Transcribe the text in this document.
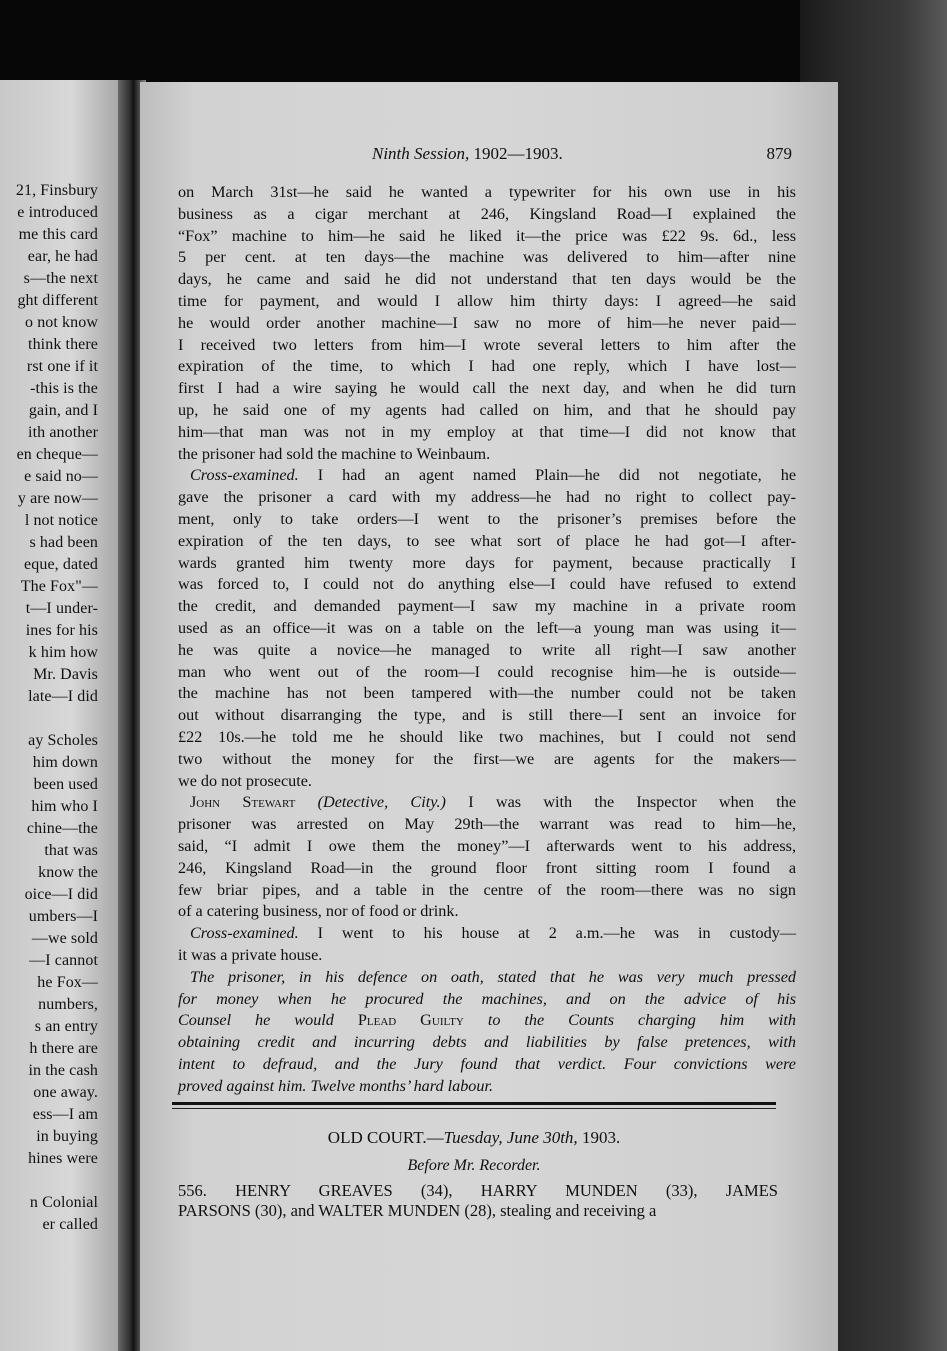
21, Finsbury
e introduced
me this card
ear, he had
s—the next
ght different
o not know
think there
rst one if it
-this is the
gain, and I
ith another
en cheque—
e said no—
y are now—
l not notice
s had been
eque, dated
The Fox"—
t—I under-
ines for his
k him how
Mr. Davis
late—I did
ay Scholes
him down
been used
him who I
chine—the
that was
know the
oice—I did
umbers—I
—we sold
—I cannot
he Fox—
numbers,
s an entry
h there are
in the cash
one away.
ess—I am
in buying
hines were
n Colonial
er called
Ninth Session, 1902—1903.	879
on March 31st—he said he wanted a typewriter for his own use in his
business as a cigar merchant at 246, Kingsland Road—I explained the
“Fox” machine to him—he said he liked it—the price was £22 9s. 6d., less
5 per cent. at ten days—the machine was delivered to him—after nine
days, he came and said he did not understand that ten days would be the
time for payment, and would I allow him thirty days: I agreed—he said
he would order another machine—I saw no more of him—he never paid—
I received two letters from him—I wrote several letters to him after the
expiration of the time, to which I had one reply, which I have lost—
first I had a wire saying he would call the next day, and when he did turn
up, he said one of my agents had called on him, and that he should pay
him—that man was not in my employ at that time—I did not know that
the prisoner had sold the machine to Weinbaum.
Cross-examined. I had an agent named Plain—he did not negotiate, he
gave the prisoner a card with my address—he had no right to collect pay-
ment, only to take orders—I went to the prisoner’s premises before the
expiration of the ten days, to see what sort of place he had got—I after-
wards granted him twenty more days for payment, because practically I
was forced to, I could not do anything else—I could have refused to extend
the credit, and demanded payment—I saw my machine in a private room
used as an office—it was on a table on the left—a young man was using it—
he was quite a novice—he managed to write all right—I saw another
man who went out of the room—I could recognise him—he is outside—
the machine has not been tampered with—the number could not be taken
out without disarranging the type, and is still there—I sent an invoice for
£22 10s.—he told me he should like two machines, but I could not send
two without the money for the first—we are agents for the makers—
we do not prosecute.
John Stewart (Detective, City.) I was with the Inspector when the
prisoner was arrested on May 29th—the warrant was read to him—he,
said, “I admit I owe them the money”—I afterwards went to his address,
246, Kingsland Road—in the ground floor front sitting room I found a
few briar pipes, and a table in the centre of the room—there was no sign
of a catering business, nor of food or drink.
Cross-examined. I went to his house at 2 a.m.—he was in custody—
it was a private house.
The prisoner, in his defence on oath, stated that he was very much pressed
for money when he procured the machines, and on the advice of his
Counsel he would Plead Guilty to the Counts charging him with
obtaining credit and incurring debts and liabilities by false pretences, with
intent to defraud, and the Jury found that verdict. Four convictions were
proved against him. Twelve months’ hard labour.
OLD COURT.—Tuesday, June 30th, 1903.
Before Mr. Recorder.
556. HENRY GREAVES (34), HARRY MUNDEN (33), JAMES
PARSONS (30), and WALTER MUNDEN (28), stealing and receiving a
